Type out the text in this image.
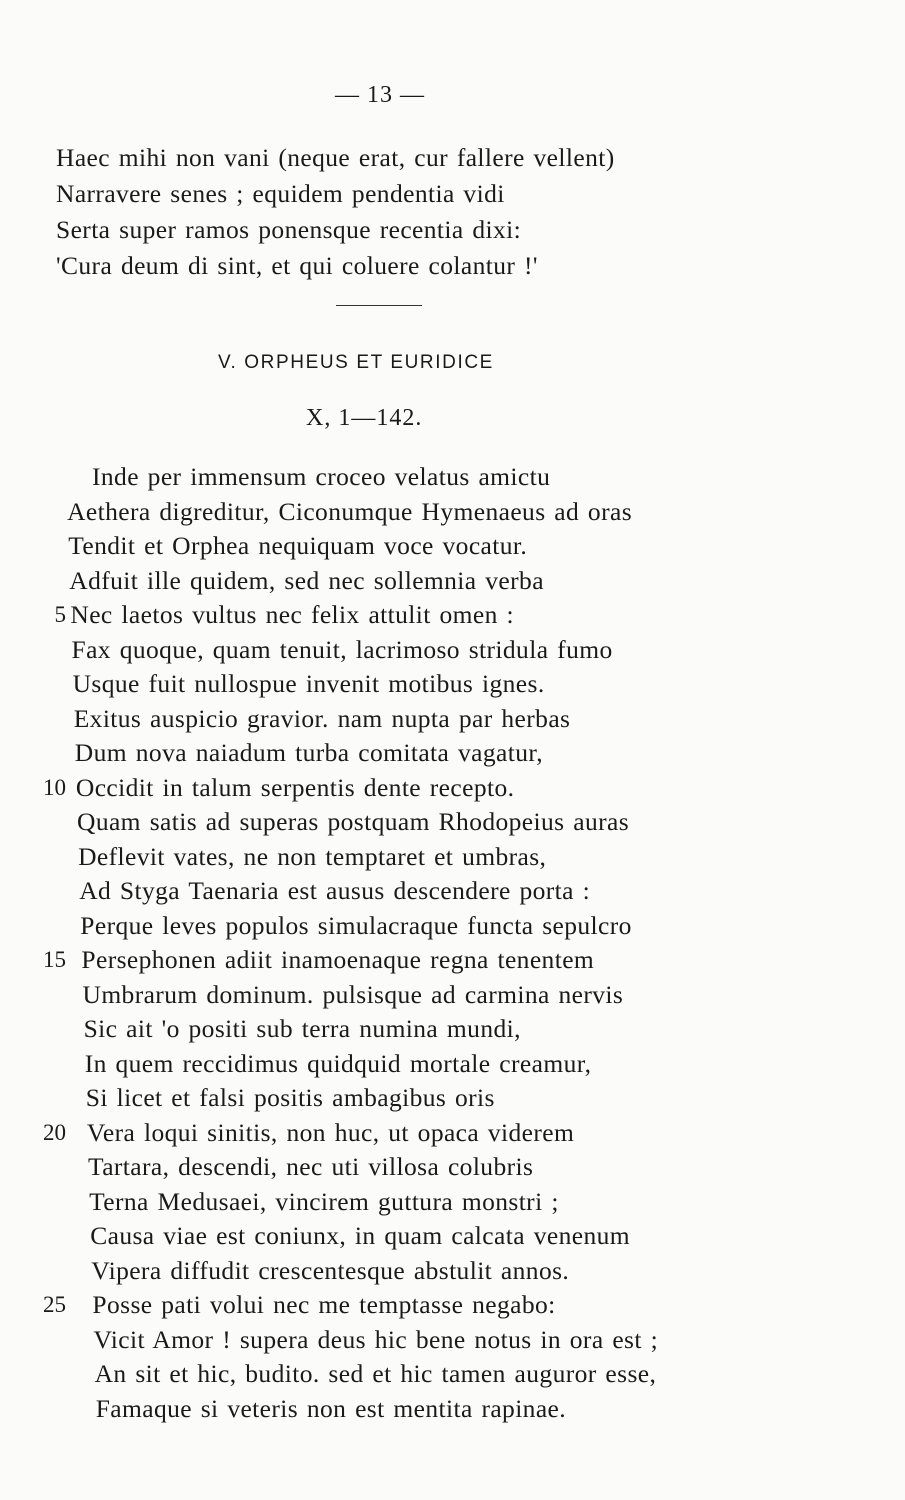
— 13 —
Haec mihi non vani (neque erat, cur fallere vellent)
Narravere senes ; equidem pendentia vidi
Serta super ramos ponensque recentia dixi:
'Cura deum di sint, et qui coluere colantur !'
V. ORPHEUS ET EURIDICE
X, 1—142.
Inde per immensum croceo velatus amictu
Aethera digreditur, Ciconumque Hymenaeus ad oras
Tendit et Orphea nequiquam voce vocatur.
Adfuit ille quidem, sed nec sollemnia verba
5 Nec laetos vultus nec felix attulit omen :
Fax quoque, quam tenuit, lacrimoso stridula fumo
Usque fuit nullospue invenit motibus ignes.
Exitus auspicio gravior. nam nupta par herbas
Dum nova naiadum turba comitata vagatur,
10 Occidit in talum serpentis dente recepto.
Quam satis ad superas postquam Rhodopeius auras
Deflevit vates, ne non temptaret et umbras,
Ad Styga Taenaria est ausus descendere porta :
Perque leves populos simulacraque functa sepulcro
15 Persephonen adiit inamoenaque regna tenentem
Umbrarum dominum. pulsisque ad carmina nervis
Sic ait 'o positi sub terra numina mundi,
In quem reccidimus quidquid mortale creamur,
Si licet et falsi positis ambagibus oris
20 Vera loqui sinitis, non huc, ut opaca viderem
Tartara, descendi, nec uti villosa colubris
Terna Medusaei, vincirem guttura monstri ;
Causa viae est coniunx, in quam calcata venenum
Vipera diffudit crescentesque abstulit annos.
25 Posse pati volui nec me temptasse negabo:
Vicit Amor ! supera deus hic bene notus in ora est ;
An sit et hic, budito. sed et hic tamen auguror esse,
Famaque si veteris non est mentita rapinae.
